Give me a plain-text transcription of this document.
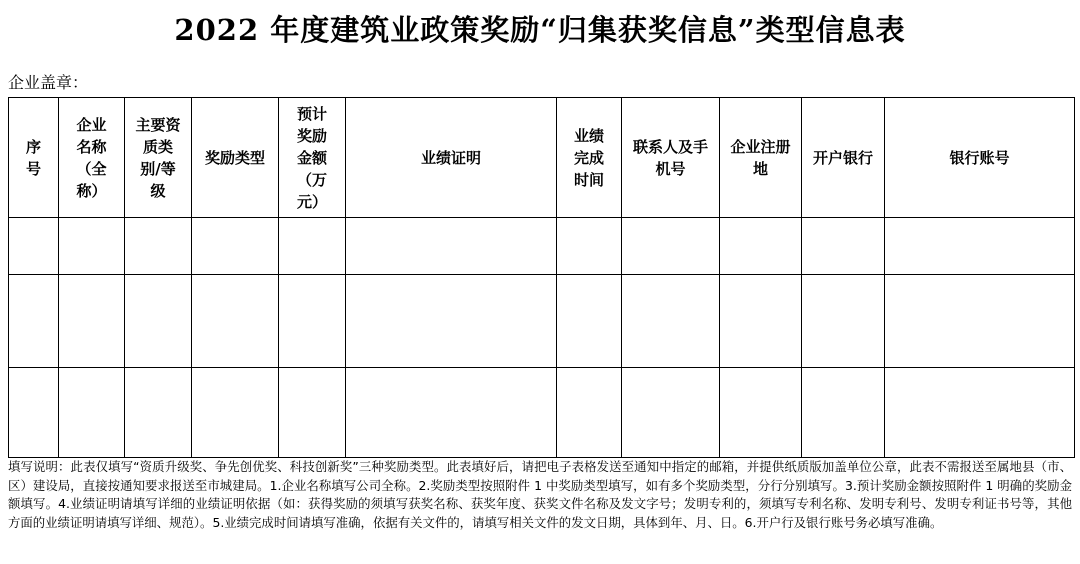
2022 年度建筑业政策奖励“归集获奖信息”类型信息表
企业盖章：
序号	企业名称（全称）	主要资质类别/等级	奖励类型	预计奖励金额（万元）	业绩证明	业绩完成时间	联系人及手机号	企业注册地	开户银行	银行账号

填写说明：此表仅填写“资质升级奖、争先创优奖、科技创新奖”三种奖励类型。此表填好后，请把电子表格发送至通知中指定的邮箱，并提供纸质版加盖单位公章，此表不需报送至属地县（市、区）建设局，直接按通知要求报送至市城建局。1.企业名称填写公司全称。2.奖励类型按照附件 1 中奖励类型填写，如有多个奖励类型，分行分别填写。3.预计奖励金额按照附件 1 明确的奖励金额填写。4.业绩证明请填写详细的业绩证明依据（如：获得奖励的须填写获奖名称、获奖年度、获奖文件名称及发文字号；发明专利的，须填写专利名称、发明专利号、发明专利证书号等，其他方面的业绩证明请填写详细、规范）。5.业绩完成时间请填写准确，依据有关文件的，请填写相关文件的发文日期，具体到年、月、日。6.开户行及银行账号务必填写准确。
